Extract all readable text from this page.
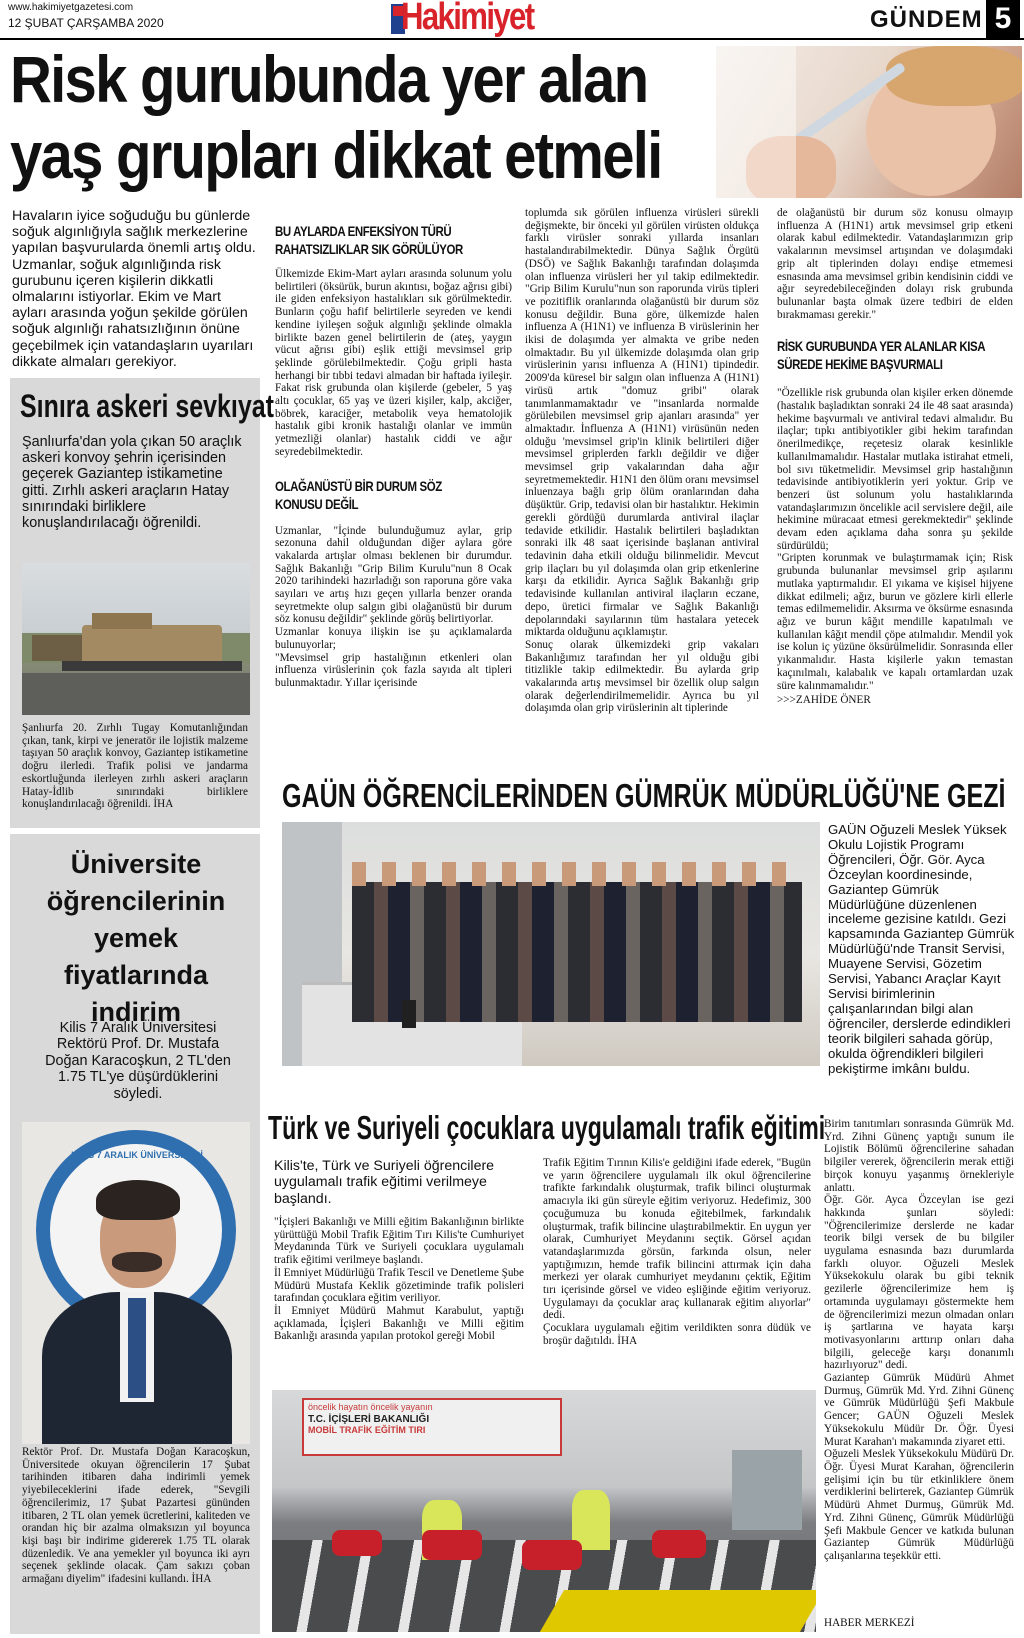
www.hakimiyetgazetesi.com
12 ŞUBAT ÇARŞAMBA 2020	Hakimiyet	GÜNDEM 5
Risk gurubunda yer alan
yaş grupları dikkat etmeli
Havaların iyice soğuduğu bu günlerde soğuk algınlığıyla sağlık merkezlerine yapılan başvurularda önemli artış oldu. Uzmanlar, soğuk algınlığında risk gurubunu içeren kişilerin dikkatli olmalarını istiyorlar. Ekim ve Mart ayları arasında yoğun şekilde görülen soğuk algınlığı rahatsızlığının önüne geçebilmek için vatandaşların uyarıları dikkate almaları gerekiyor.
BU AYLARDA ENFEKSİYON TÜRÜ RAHATSIZLIKLAR SIK GÖRÜLÜYOR
Ülkemizde Ekim-Mart ayları arasında solunum yolu belirtileri (öksürük, burun akıntısı, boğaz ağrısı gibi) ile giden enfeksiyon hastalıkları sık görülmektedir. Bunların çoğu hafif belirtilerle seyreden ve kendi kendine iyileşen soğuk algınlığı şeklinde olmakla birlikte bazen genel belirtilerin de (ateş, yaygın vücut ağrısı gibi) eşlik ettiği mevsimsel grip şeklinde görülebilmektedir. Çoğu gripli hasta herhangi bir tıbbi tedavi almadan bir haftada iyileşir. Fakat risk grubunda olan kişilerde (gebeler, 5 yaş altı çocuklar, 65 yaş ve üzeri kişiler, kalp, akciğer, böbrek, karaciğer, metabolik veya hematolojik hastalık gibi kronik hastalığı olanlar ve immün yetmezliği olanlar) hastalık ciddi ve ağır seyredebilmektedir.
OLAĞANÜSTÜ BİR DURUM SÖZ KONUSU DEĞİL
Uzmanlar, "İçinde bulunduğumuz aylar, grip sezonuna dahil olduğundan diğer aylara göre vakalarda artışlar olması beklenen bir durumdur. Sağlık Bakanlığı "Grip Bilim Kurulu"nun 8 Ocak 2020 tarihindeki hazırladığı son raporuna göre vaka sayıları ve artış hızı geçen yıllarla benzer oranda seyretmekte olup salgın gibi olağanüstü bir durum söz konusu değildir" şeklinde görüş belirtiyorlar.
Uzmanlar konuya ilişkin ise şu açıklamalarda bulunuyorlar;
"Mevsimsel grip hastalığının etkenleri olan influenza virüslerinin çok fazla sayıda alt tipleri bulunmaktadır. Yıllar içerisinde
toplumda sık görülen influenza virüsleri sürekli değişmekte, bir önceki yıl görülen virüsten oldukça farklı virüsler sonraki yıllarda insanları hastalandırabilmektedir. Dünya Sağlık Örgütü (DSÖ) ve Sağlık Bakanlığı tarafından dolaşımda olan influenza virüsleri her yıl takip edilmektedir. "Grip Bilim Kurulu"nun son raporunda virüs tipleri ve pozitiflik oranlarında olağanüstü bir durum söz konusu değildir. Buna göre, ülkemizde halen influenza A (H1N1) ve influenza B virüslerinin her ikisi de dolaşımda yer almakta ve gribe neden olmaktadır. Bu yıl ülkemizde dolaşımda olan grip virüslerinin yarısı influenza A (H1N1) tipindedir. 2009'da küresel bir salgın olan influenza A (H1N1) virüsü artık "domuz gribi" olarak tanımlanmamaktadır ve "insanlarda normalde görülebilen mevsimsel grip ajanları arasında" yer almaktadır. İnfluenza A (H1N1) virüsünün neden olduğu 'mevsimsel grip'in klinik belirtileri diğer mevsimsel griplerden farklı değildir ve diğer mevsimsel grip vakalarından daha ağır seyretmemektedir. H1N1 den ölüm oranı mevsimsel inluenzaya bağlı grip ölüm oranlarından daha düşüktür. Grip, tedavisi olan bir hastalıktır. Hekimin gerekli gördüğü durumlarda antiviral ilaçlar tedavide etkilidir. Hastalık belirtileri başladıktan sonraki ilk 48 saat içerisinde başlanan antiviral tedavinin daha etkili olduğu bilinmelidir. Mevcut grip ilaçları bu yıl dolaşımda olan grip etkenlerine karşı da etkilidir. Ayrıca Sağlık Bakanlığı grip tedavisinde kullanılan antiviral ilaçların eczane, depo, üretici firmalar ve Sağlık Bakanlığı depolarındaki sayılarının tüm hastalara yetecek miktarda olduğunu açıklamıştır.
Sonuç olarak ülkemizdeki grip vakaları Bakanlığımız tarafından her yıl olduğu gibi titizlikle takip edilmektedir. Bu aylarda grip vakalarında artış mevsimsel bir özellik olup salgın olarak değerlendirilmemelidir. Ayrıca bu yıl dolaşımda olan grip virüslerinin alt tiplerinde
de olağanüstü bir durum söz konusu olmayıp influenza A (H1N1) artık mevsimsel grip etkeni olarak kabul edilmektedir. Vatandaşlarımızın grip vakalarının mevsimsel artışından ve dolaşımdaki grip alt tiplerinden dolayı endişe etmemesi esnasında ama mevsimsel gribin kendisinin ciddi ve ağır seyredebileceğinden dolayı risk grubunda bulunanlar başta olmak üzere tedbiri de elden bırakmaması gerekir."
RİSK GURUBUNDA YER ALANLAR KISA SÜREDE HEKİME BAŞVURMALI
"Özellikle risk grubunda olan kişiler erken dönemde (hastalık başladıktan sonraki 24 ile 48 saat arasında) hekime başvurmalı ve antiviral tedavi almalıdır. Bu ilaçlar; tıpkı antibiyotikler gibi hekim tarafından önerilmedikçe, reçetesiz olarak kesinlikle kullanılmamalıdır. Hastalar mutlaka istirahat etmeli, bol sıvı tüketmelidir. Mevsimsel grip hastalığının tedavisinde antibiyotiklerin yeri yoktur. Grip ve benzeri üst solunum yolu hastalıklarında vatandaşlarımızın öncelikle acil servislere değil, aile hekimine müracaat etmesi gerekmektedir" şeklinde devam eden açıklama daha sonra şu şekilde sürdürüldü;
"Gripten korunmak ve bulaştırmamak için; Risk grubunda bulunanlar mevsimsel grip aşılarını mutlaka yaptırmalıdır. El yıkama ve kişisel hijyene dikkat edilmeli; ağız, burun ve gözlere kirli ellerle temas edilmemelidir. Aksırma ve öksürme esnasında ağız ve burun kâğıt mendille kapatılmalı ve kullanılan kâğıt mendil çöpe atılmalıdır. Mendil yok ise kolun iç yüzüne öksürülmelidir. Sonrasında eller yıkanmalıdır. Hasta kişilerle yakın temastan kaçınılmalı, kalabalık ve kapalı ortamlardan uzak süre kalınmamalıdır."
>>>ZAHİDE ÖNER
Sınıra askeri sevkıyat
Şanlıurfa'dan yola çıkan 50 araçlık askeri konvoy şehrin içerisinden geçerek Gaziantep istikametine gitti. Zırhlı askeri araçların Hatay sınırındaki birliklere konuşlandırılacağı öğrenildi.
Şanlıurfa 20. Zırhlı Tugay Komutanlığından çıkan, tank, kirpi ve jeneratör ile lojistik malzeme taşıyan 50 araçlık konvoy, Gaziantep istikametine doğru ilerledi. Trafik polisi ve jandarma eskortluğunda ilerleyen zırhlı askeri araçların Hatay-İdlib sınırındaki birliklere konuşlandırılacağı öğrenildi. İHA
Üniversite öğrencilerinin yemek fiyatlarında indirim
Kilis 7 Aralık Üniversitesi Rektörü Prof. Dr. Mustafa Doğan Karacoşkun, 2 TL'den 1.75 TL'ye düşürdüklerini söyledi.
KİLİS 7 ARALIK ÜNİVERSİTESİ
Rektör Prof. Dr. Mustafa Doğan Karacoşkun, Üniversitede okuyan öğrencilerin 17 Şubat tarihinden itibaren daha indirimli yemek yiyebileceklerini ifade ederek, "Sevgili öğrencilerimiz, 17 Şubat Pazartesi gününden itibaren, 2 TL olan yemek ücretlerini, kaliteden ve orandan hiç bir azalma olmaksızın yıl boyunca kişi başı bir indirime gidererek 1.75 TL olarak düzenledik. Ve ana yemekler yıl boyunca iki ayrı seçenek şeklinde olacak. Çam sakızı çoban armağanı diyelim" ifadesini kullandı. İHA
GAÜN ÖĞRENCİLERİNDEN GÜMRÜK MÜDÜRLÜĞÜ'NE GEZİ
GAÜN Oğuzeli Meslek Yüksek Okulu Lojistik Programı Öğrencileri, Öğr. Gör. Ayca Özceylan koordinesinde, Gaziantep Gümrük Müdürlüğüne düzenlenen inceleme gezisine katıldı. Gezi kapsamında Gaziantep Gümrük Müdürlüğü'nde Transit Servisi, Muayene Servisi, Gözetim Servisi, Yabancı Araçlar Kayıt Servisi birimlerinin çalışanlarından bilgi alan öğrenciler, derslerde edindikleri teorik bilgileri sahada görüp, okulda öğrendikleri bilgileri pekiştirme imkânı buldu.
Birim tanıtımları sonrasında Gümrük Md. Yrd. Zihni Günenç yaptığı sunum ile Lojistik Bölümü öğrencilerine sahadan bilgiler vererek, öğrencilerin merak ettiği birçok konuyu yaşanmış örnekleriyle anlattı.
Öğr. Gör. Ayca Özceylan ise gezi hakkında şunları söyledi: "Öğrencilerimize derslerde ne kadar teorik bilgi versek de bu bilgiler uygulama esnasında bazı durumlarda farklı oluyor. Oğuzeli Meslek Yüksekokulu olarak bu gibi teknik gezilerle öğrencilerimize hem iş ortamında uygulamayı göstermekte hem de öğrencilerimizi mezun olmadan onları iş şartlarına ve hayata karşı motivasyonlarını arttırıp onları daha bilgili, geleceğe karşı donanımlı hazırlıyoruz" dedi.
Gaziantep Gümrük Müdürü Ahmet Durmuş, Gümrük Md. Yrd. Zihni Günenç ve Gümrük Müdürlüğü Şefi Makbule Gencer; GAÜN Oğuzeli Meslek Yüksekokulu Müdür Dr. Öğr. Üyesi Murat Karahan'ı makamında ziyaret etti.
Oğuzeli Meslek Yüksekokulu Müdürü Dr. Öğr. Üyesi Murat Karahan, öğrencilerin gelişimi için bu tür etkinliklere önem verdiklerini belirterek, Gaziantep Gümrük Müdürü Ahmet Durmuş, Gümrük Md. Yrd. Zihni Günenç, Gümrük Müdürlüğü Şefi Makbule Gencer ve katkıda bulunan Gaziantep Gümrük Müdürlüğü çalışanlarına teşekkür etti.
HABER MERKEZİ
Türk ve Suriyeli çocuklara uygulamalı trafik eğitimi
Kilis'te, Türk ve Suriyeli öğrencilere uygulamalı trafik eğitimi verilmeye başlandı.
"İçişleri Bakanlığı ve Milli eğitim Bakanlığının birlikte yürüttüğü Mobil Trafik Eğitim Tırı Kilis'te Cumhuriyet Meydanında Türk ve Suriyeli çocuklara uygulamalı trafik eğitimi verilmeye başlandı.
İl Emniyet Müdürlüğü Trafik Tescil ve Denetleme Şube Müdürü Mustafa Keklik gözetiminde trafik polisleri tarafından çocuklara eğitim veriliyor.
İl Emniyet Müdürü Mahmut Karabulut, yaptığı açıklamada, İçişleri Bakanlığı ve Milli eğitim Bakanlığı arasında yapılan protokol gereği Mobil
Trafik Eğitim Tırının Kilis'e geldiğini ifade ederek, "Bugün ve yarın öğrencilere uygulamalı ilk okul öğrencilerine trafikte farkındalık oluşturmak, trafik bilinci oluşturmak amacıyla iki gün süreyle eğitim veriyoruz. Hedefimiz, 300 çocuğumuza bu konuda eğitebilmek, farkındalık oluşturmak, trafik bilincine ulaştırabilmektir. En uygun yer olarak, Cumhuriyet Meydanını seçtik. Görsel açıdan vatandaşlarımızda görsün, farkında olsun, neler yaptığımızın, hemde trafik bilincini attırmak için daha merkezi yer olarak cumhuriyet meydanını çektik, Eğitim tırı içerisinde görsel ve video eşliğinde eğitim veriyoruz. Uygulamayı da çocuklar araç kullanarak eğitim alıyorlar" dedi.
Çocuklara uygulamalı eğitim verildikten sonra düdük ve broşür dağıtıldı. İHA
öncelik hayatın öncelik yayanın
T.C. İÇİŞLERİ BAKANLIĞI
MOBİL TRAFİK EĞİTİM TIRI
